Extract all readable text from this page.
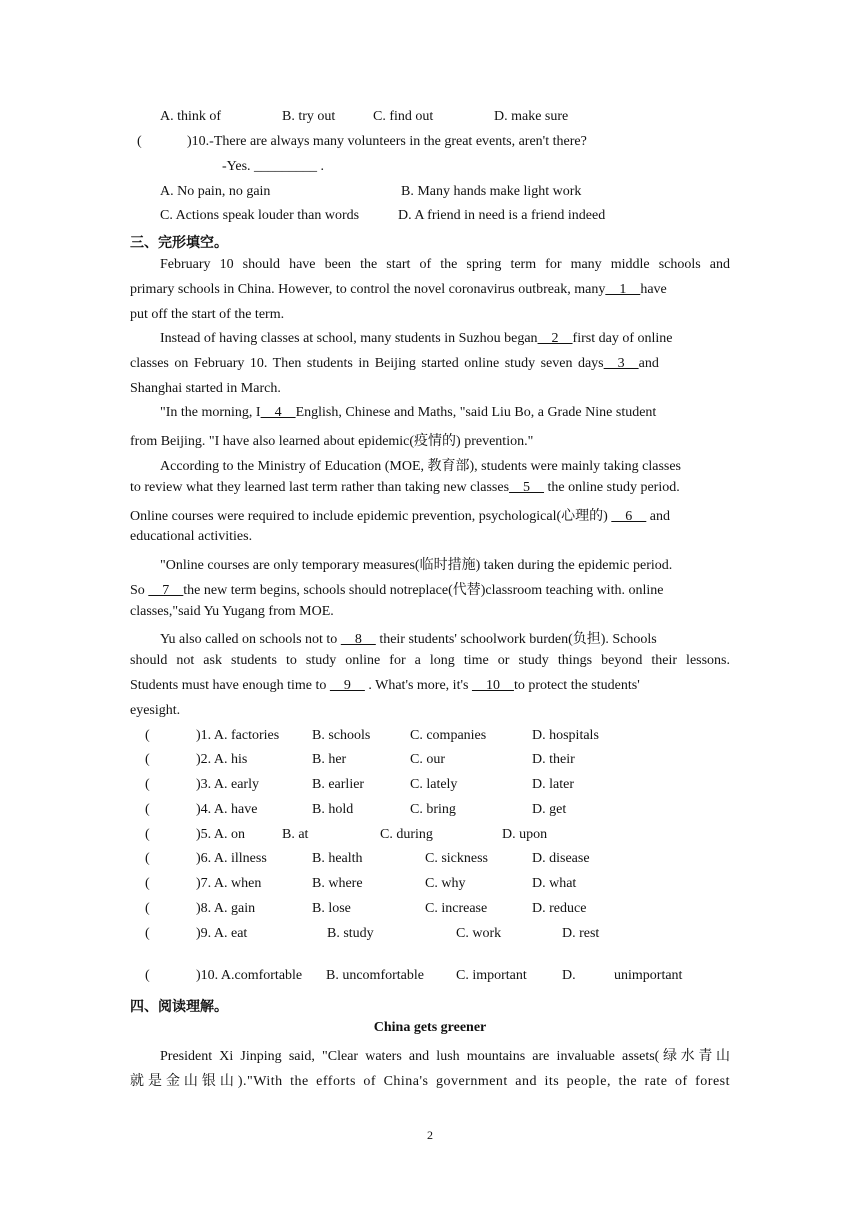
A. think of	B. try out	C. find out	D. make sure
(	)10.-There are always many volunteers in the great events, aren't there?
-Yes. _________ .
A. No pain, no gain	B. Many hands make light work
C. Actions speak louder than words	D. A friend in need is a friend indeed
三、完形填空。
February 10 should have been the start of the spring term for many middle schools and
primary schools in China. However, to control the novel coronavirus outbreak, many    1    have
put off the start of the term.
Instead of having classes at school, many students in Suzhou began    2    first day of online
classes on February 10. Then students in Beijing started online study seven days    3    and
Shanghai started in March.
"In the morning, I    4    English, Chinese and Maths, "said Liu Bo, a Grade Nine student
from Beijing. "I have also learned about epidemic(疫情的) prevention."
According to the Ministry of Education (MOE, 教育部), students were mainly taking classes
to review what they learned last term rather than taking new classes    5     the online study period.
Online courses were required to include epidemic prevention, psychological(心理的)     6     and
educational activities.
"Online courses are only temporary measures(临时措施) taken during the epidemic period.
So     7    the new term begins, schools should notreplace(代替)classroom teaching with. online
classes,"said Yu Yugang from MOE.
Yu also called on schools not to     8     their students' schoolwork burden(负担). Schools
should not ask students to study online for a long time or study things beyond their lessons.
Students must have enough time to     9     . What's more, it's     10    to protect the students'
eyesight.
(	)1. A. factories B. schools	C. companies	D. hospitals
(	)2. A. his	B. her	C. our	D. their
(	)3. A. early	B. earlier	C. lately	D. later
(	)4. A. have	B. hold	C. bring	D. get
(	)5. A. on	B. at	C. during	D. upon
(	)6. A. illness	B. health	C. sickness	D. disease
(	)7. A. when	B. where	C. why	D. what
(	)8. A. gain	B. lose	C. increase	D. reduce
(	)9. A. eat	B. study	C. work	D. rest
(	)10. A.comfortable B. uncomfortable C. important	D.	unimportant
四、阅读理解。
China gets greener
President Xi Jinping said, "Clear waters and lush mountains are invaluable assets(绿水青山
就是金山银山)."With the efforts of China's government and its people, the rate of forest
2
